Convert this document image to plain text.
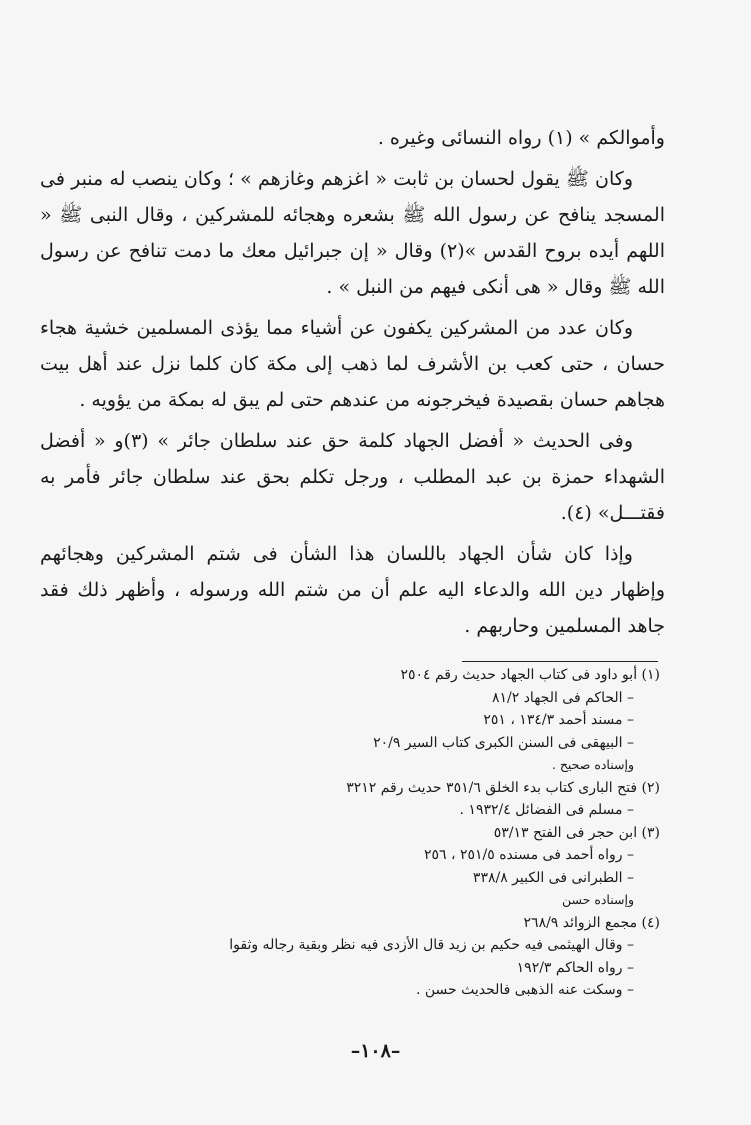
وأموالكم » (١) رواه النسائى وغيره .

وكان ﷺ يقول لحسان بن ثابت « اغزهم وغازهم » ؛ وكان ينصب له منبر فى المسجد ينافح عن رسول الله ﷺ بشعره وهجائه للمشركين ، وقال النبى ﷺ « اللهم أيده بروح القدس »(٢) وقال « إن جبرائيل معك ما دمت تنافح عن رسول الله ﷺ وقال « هى أنكى فيهم من النبل » .

وكان عدد من المشركين يكفون عن أشياء مما يؤذى المسلمين خشية هجاء حسان ، حتى كعب بن الأشرف لما ذهب إلى مكة كان كلما نزل عند أهل بيت هجاهم حسان بقصيدة فيخرجونه من عندهم حتى لم يبق له بمكة من يؤويه .

وفى الحديث « أفضل الجهاد كلمة حق عند سلطان جائر » (٣)و « أفضل الشهداء حمزة بن عبد المطلب ، ورجل تكلم بحق عند سلطان جائر فأمر به فقتـــل» (٤).

وإذا كان شأن الجهاد باللسان هذا الشأن فى شتم المشركين وهجائهم وإظهار دين الله والدعاء اليه علم أن من شتم الله ورسوله ، وأظهر ذلك فقد جاهد المسلمين وحاربهم .

(١) أبو داود فى كتاب الجهاد حديث رقم ٢٥٠٤
– الحاكم فى الجهاد ٨١/٢
– مسند أحمد ١٣٤/٣ ، ٢٥١
– البيهقى فى السنن الكبرى كتاب السير ٢٠/٩
وإسناده صحيح .
(٢) فتح البارى كتاب بدء الخلق ٣٥١/٦ حديث رقم ٣٢١٢
– مسلم فى الفضائل ١٩٣٢/٤ .
(٣) ابن حجر فى الفتح ٥٣/١٣
– رواه أحمد فى مسنده ٢٥١/٥ ، ٢٥٦
– الطبرانى فى الكبير ٣٣٨/٨
وإسناده حسن
(٤) مجمع الزوائد ٢٦٨/٩
– وقال الهيثمى فيه حكيم بن زيد قال الأزدى فيه نظر وبقية رجاله وثقوا
– رواه الحاكم ١٩٢/٣
– وسكت عنه الذهبى فالحديث حسن .
–١٠٨–
